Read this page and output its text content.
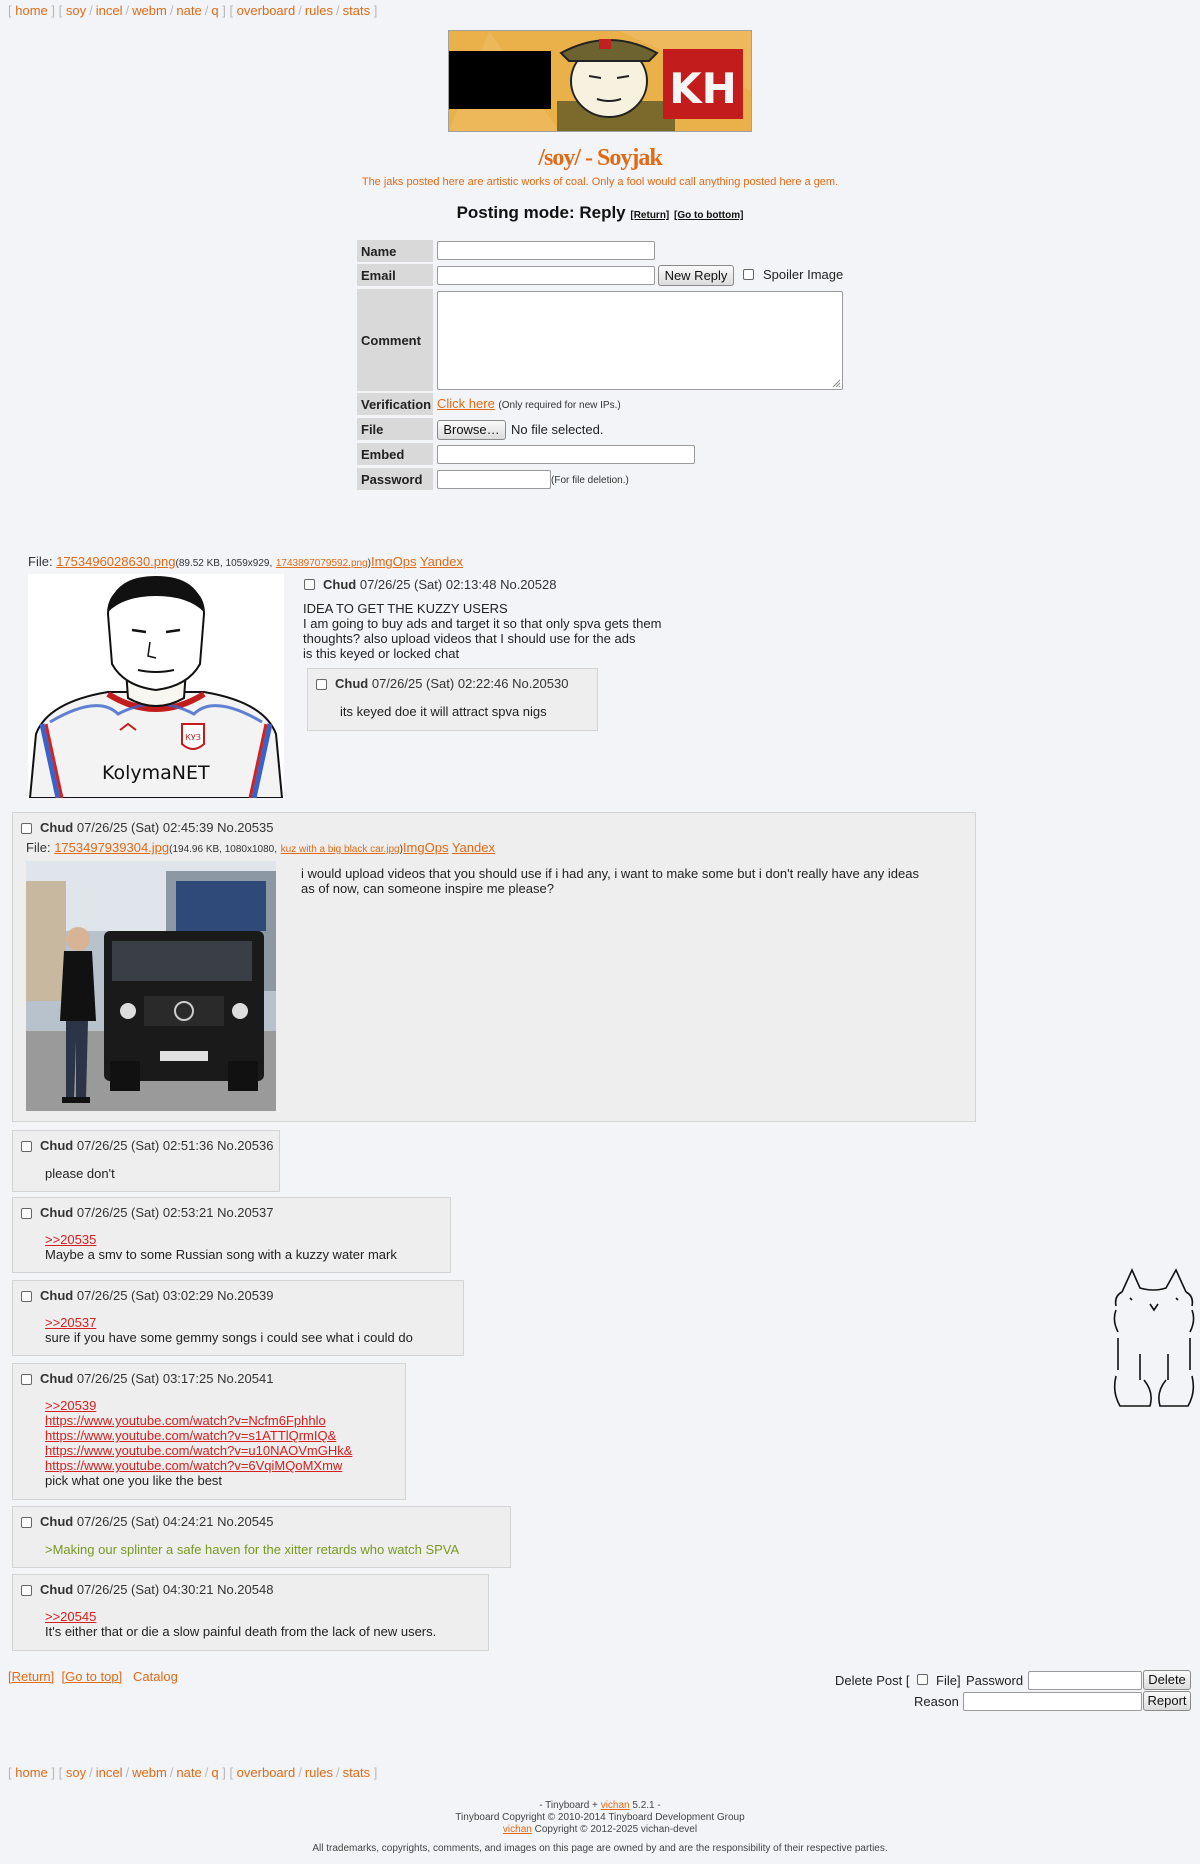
[ home ] [ soy / incel / webm / nate / q ] [ overboard / rules / stats ]
KH
/soy/ - Soyjak
The jaks posted here are artistic works of coal. Only a fool would call anything posted here a gem.
Posting mode: Reply [Return] [Go to bottom]
Name
Email	New Reply	Spoiler Image
Comment
Verification Click here (Only required for new IPs.)
File	Browse… No file selected.
Embed
Password	(For file deletion.)
File: 1753496028630.png(89.52 KB, 1059x929, 1743897079592.png)ImgOps Yandex
КУЗ
KolymaNET
Chud 07/26/25 (Sat) 02:13:48 No.20528
IDEA TO GET THE KUZZY USERS
I am going to buy ads and target it so that only spva gets them
thoughts? also upload videos that I should use for the ads
is this keyed or locked chat
Chud 07/26/25 (Sat) 02:22:46 No.20530
its keyed doe it will attract spva nigs
Chud 07/26/25 (Sat) 02:45:39 No.20535
File: 1753497939304.jpg(194.96 KB, 1080x1080, kuz with a big black car.jpg)ImgOps Yandex
i would upload videos that you should use if i had any, i want to make some but i don't really have any ideas
as of now, can someone inspire me please?
Chud 07/26/25 (Sat) 02:51:36 No.20536
please don't
Chud 07/26/25 (Sat) 02:53:21 No.20537
>>20535
Maybe a smv to some Russian song with a kuzzy water mark
Chud 07/26/25 (Sat) 03:02:29 No.20539
>>20537
sure if you have some gemmy songs i could see what i could do
Chud 07/26/25 (Sat) 03:17:25 No.20541
>>20539
https://www.youtube.com/watch?v=Ncfm6Fphhlo
https://www.youtube.com/watch?v=s1ATTlQrmIQ&
https://www.youtube.com/watch?v=u10NAOVmGHk&
https://www.youtube.com/watch?v=6VqiMQoMXmw
pick what one you like the best
Chud 07/26/25 (Sat) 04:24:21 No.20545
>Making our splinter a safe haven for the xitter retards who watch SPVA
Chud 07/26/25 (Sat) 04:30:21 No.20548
>>20545
It's either that or die a slow painful death from the lack of new users.
[Return] [Go to top] Catalog	Delete Post [ File] Password	Delete
Reason	Report
[ home ] [ soy / incel / webm / nate / q ] [ overboard / rules / stats ]
- Tinyboard + vichan 5.2.1 -
Tinyboard Copyright © 2010-2014 Tinyboard Development Group
vichan Copyright © 2012-2025 vichan-devel
All trademarks, copyrights, comments, and images on this page are owned by and are the responsibility of their respective parties.
